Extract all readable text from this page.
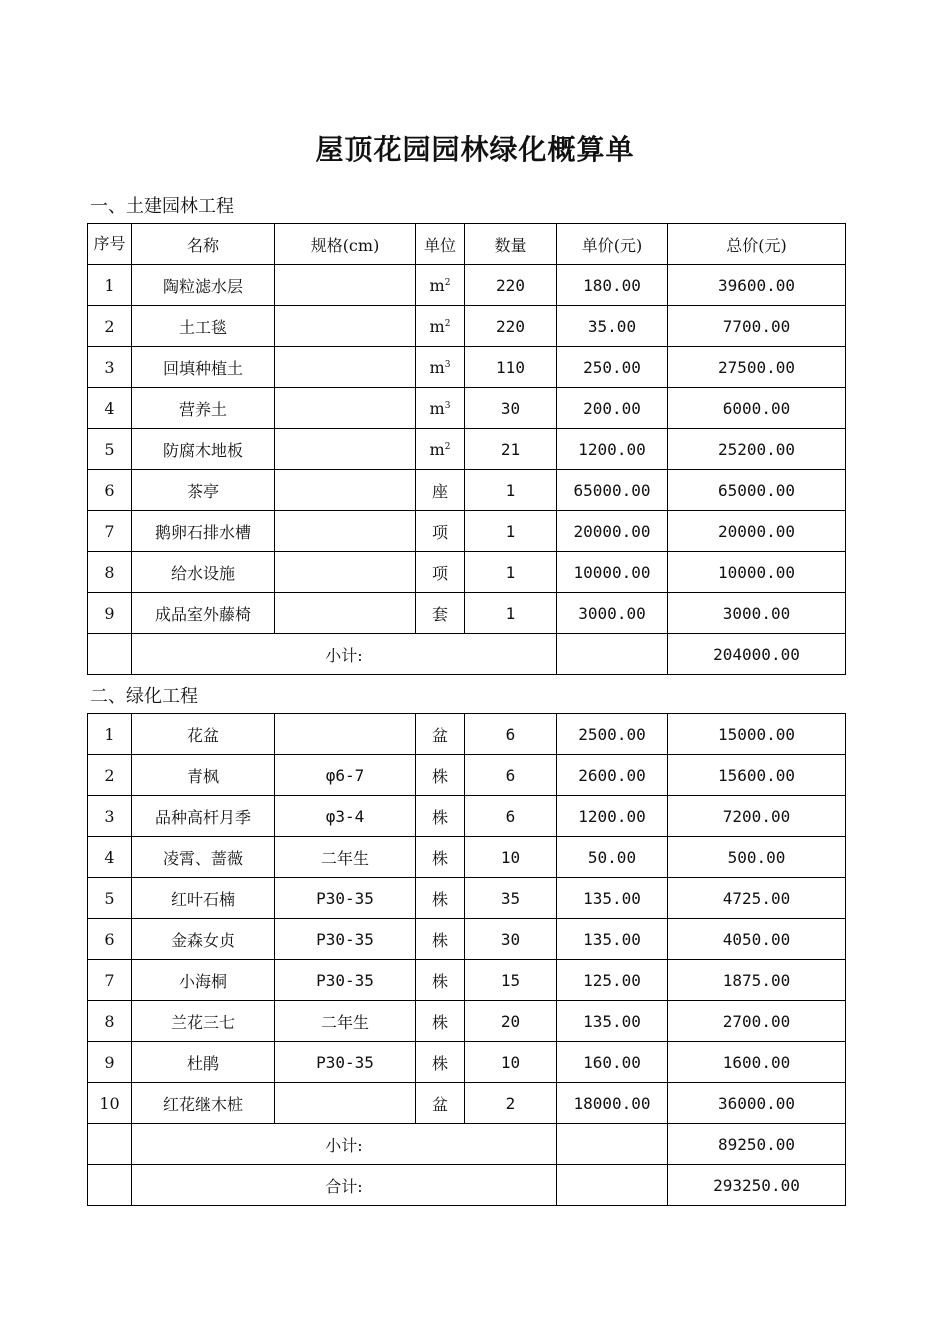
屋顶花园园林绿化概算单
一、土建园林工程
序号	名称	规格(cm)	单位	数量	单价(元)	总价(元)
1	陶粒滤水层		$m^2$	220	180.00	39600.00
2	土工毯		$m^2$	220	35.00	7700.00
3	回填种植土		$m^3$	110	250.00	27500.00
4	营养土		$m^3$	30	200.00	6000.00
5	防腐木地板		$m^2$	21	1200.00	25200.00
6	茶亭		座	1	65000.00	65000.00
7	鹅卵石排水槽		项	1	20000.00	20000.00
8	给水设施		项	1	10000.00	10000.00
9	成品室外藤椅		套	1	3000.00	3000.00
	小计:					204000.00
二、绿化工程
1	花盆		盆	6	2500.00	15000.00
2	青枫	φ6-7	株	6	2600.00	15600.00
3	品种高杆月季	φ3-4	株	6	1200.00	7200.00
4	凌霄、蔷薇	二年生	株	10	50.00	500.00
5	红叶石楠	P30-35	株	35	135.00	4725.00
6	金森女贞	P30-35	株	30	135.00	4050.00
7	小海桐	P30-35	株	15	125.00	1875.00
8	兰花三七	二年生	株	20	135.00	2700.00
9	杜鹃	P30-35	株	10	160.00	1600.00
10	红花继木桩		盆	2	18000.00	36000.00
	小计:					89250.00
	合计:					293250.00
